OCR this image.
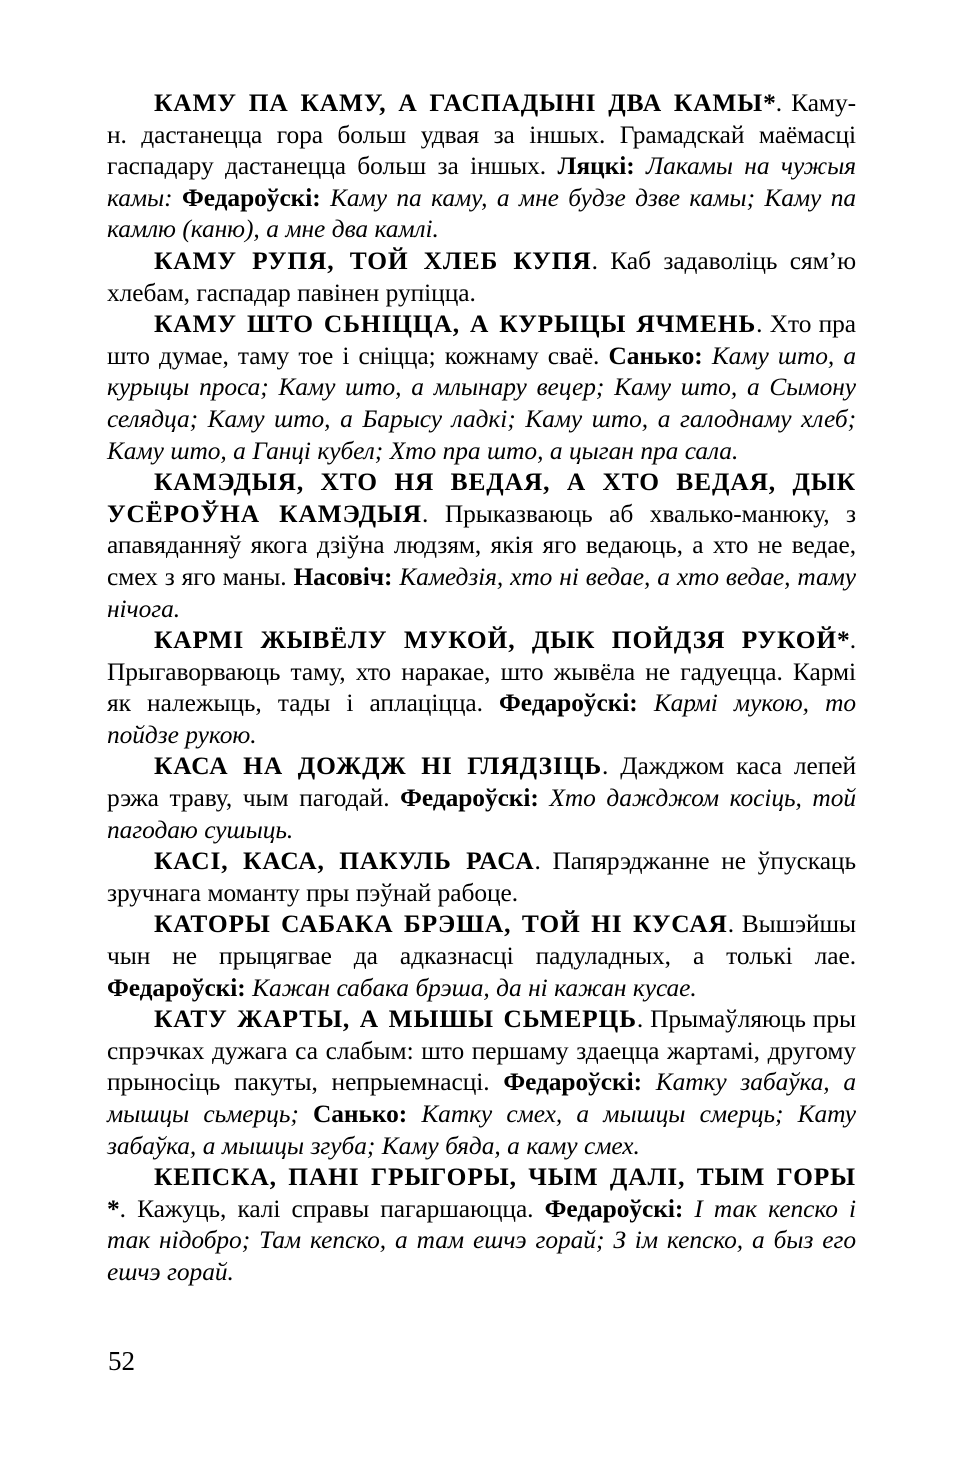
КАМУ ПА КАМУ, А ГАСПАДЫНІ ДВА КАМЫ*. Каму-н. дастанецца гора больш удвая за іншых. Грамадскай маёмасці гаспадару дастанецца больш за іншых. Ляцкі: Лакамы на чужыя камы: Федароўскі: Каму па каму, а мне будзе дзве камы; Каму па камлю (каню), а мне два камлі.

КАМУ РУПЯ, ТОЙ ХЛЕБ КУПЯ. Каб задаволіць сям’ю хлебам, гаспадар павінен рупіцца.

КАМУ ШТО СЬНІЦЦА, А КУРЫЦЫ ЯЧМЕНЬ. Хто пра што думае, таму тое і сніцца; кожнаму сваё. Санько: Каму што, а курыцы проса; Каму што, а млынару вецер; Каму што, а Сымону селядца; Каму што, а Барысу ладкі; Каму што, а галоднаму хлеб; Каму што, а Ганці кубел; Хто пра што, а цыган пра сала.

КАМЭДЫЯ, ХТО НЯ ВЕДАЯ, А ХТО ВЕДАЯ, ДЫК УСЁРОЎНА КАМЭДЫЯ. Прыказваюць аб хвалько-манюку, з апавяданняў якога дзіўна людзям, якія яго ведаюць, а хто не ведае, смех з яго маны. Насовіч: Камедзія, хто ні ведае, а хто ведае, таму нічога.

КАРМІ ЖЫВЁЛУ МУКОЙ, ДЫК ПОЙДЗЯ РУКОЙ*. Прыгаворваюць таму, хто наракае, што жывёла не гадуецца. Кармі як належыць, тады і аплаціцца. Федароўскі: Кармі мукою, то пойдзе рукою.

КАСА НА ДОЖДЖ НІ ГЛЯДЗІЦЬ. Дажджом каса лепей рэжа траву, чым пагодай. Федароўскі: Хто дажджом косіць, той пагодаю сушыць.

КАСІ, КАСА, ПАКУЛЬ РАСА. Папярэджанне не ўпускаць зручнага моманту пры пэўнай рабоце.

КАТОРЫ САБАКА БРЭША, ТОЙ НІ КУСАЯ. Вышэйшы чын не прыцягвае да адказнасці падуладных, а толькі лае. Федароўскі: Кажан сабака брэша, да ні кажан кусае.

КАТУ ЖАРТЫ, А МЫШЫ СЬМЕРЦЬ. Прымаўляюць пры спрэчках дужага са слабым: што першаму здаецца жартамі, другому прыносіць пакуты, непрыемнасці. Федароўскі: Катку забаўка, а мышцы сьмерць; Санько: Катку смех, а мышцы смерць; Кату забаўка, а мышцы згуба; Каму бяда, а каму смех.

КЕПСКА, ПАНІ ГРЫГОРЫ, ЧЫМ ДАЛІ, ТЫМ ГОРЫ *. Кажуць, калі справы пагаршаюцца. Федароўскі: І так кепско і так нідобро; Там кепско, а там ешчэ горай; З ім кепско, а быз его ешчэ горай.

52
